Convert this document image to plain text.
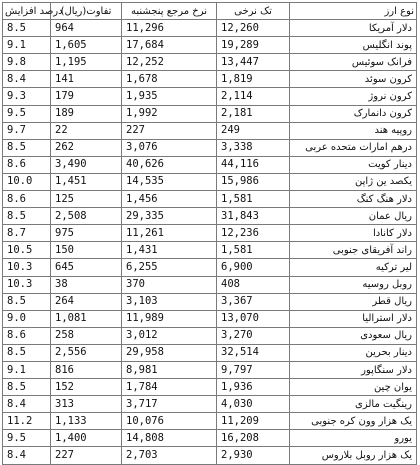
درصد افزایش	تفاوت(ریال)	نرخ مرجع پنجشنبه	تک نرخی	نوع ارز
8.5	964	11,296	12,260	دلار آمریکا
9.1	1,605	17,684	19,289	پوند انگلیس
9.8	1,195	12,252	13,447	فرانک سوئیس
8.4	141	1,678	1,819	کرون سوئد
9.3	179	1,935	2,114	کرون نروژ
9.5	189	1,992	2,181	کرون دانمارک
9.7	22	227	249	روپیه هند
8.5	262	3,076	3,338	درهم امارات متحده عربی
8.6	3,490	40,626	44,116	دینار کویت
10.0	1,451	14,535	15,986	یکصد ین ژاپن
8.6	125	1,456	1,581	دلار هنگ کنگ
8.5	2,508	29,335	31,843	ریال عمان
8.7	975	11,261	12,236	دلار کانادا
10.5	150	1,431	1,581	راند آفریقای جنوبی
10.3	645	6,255	6,900	لیر ترکیه
10.3	38	370	408	روبل روسیه
8.5	264	3,103	3,367	ریال قطر
9.0	1,081	11,989	13,070	دلار استرالیا
8.6	258	3,012	3,270	ریال سعودی
8.5	2,556	29,958	32,514	دینار بحرین
9.1	816	8,981	9,797	دلار سنگاپور
8.5	152	1,784	1,936	یوان چین
8.4	313	3,717	4,030	رینگیت مالزی
11.2	1,133	10,076	11,209	یک هزار وون کره جنوبی
9.5	1,400	14,808	16,208	یورو
8.4	227	2,703	2,930	یک هزار روبل بلاروس
